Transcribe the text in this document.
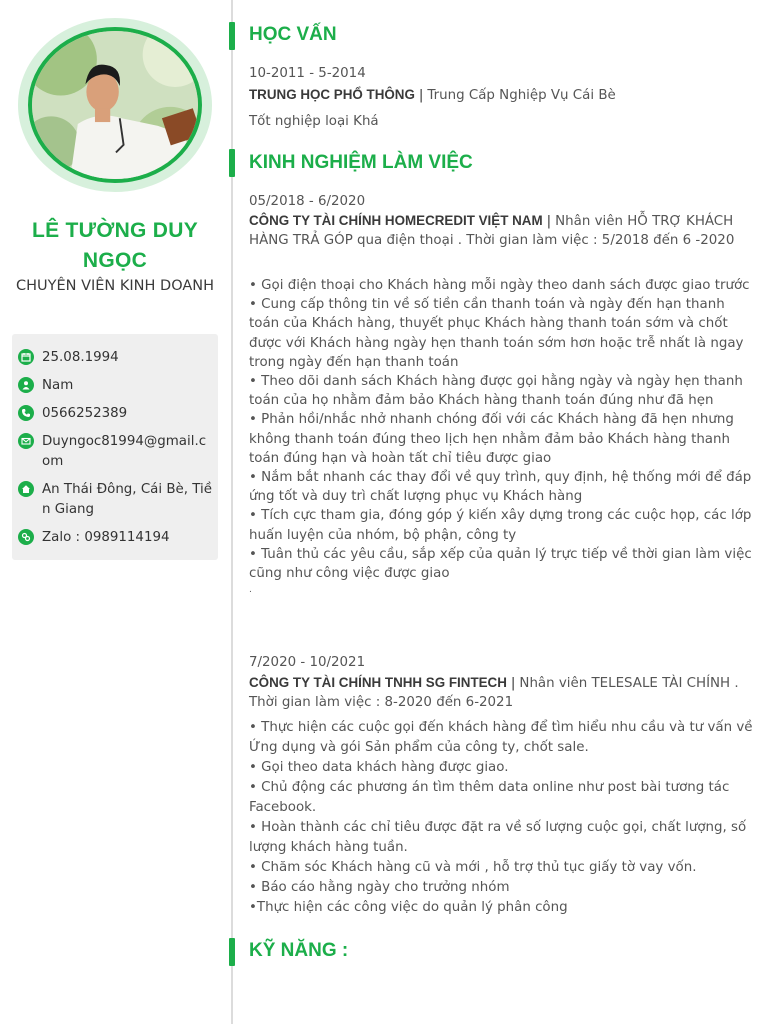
LÊ TƯỜNG DUY NGỌC
CHUYÊN VIÊN KINH DOANH
25.08.1994
Nam
0566252389
Duyngoc81994@gmail.com
An Thái Đông, Cái Bè, Tiền Giang
Zalo : 0989114194
HỌC VẤN
10-2011 - 5-2014
TRUNG HỌC PHỔ THÔNG | Trung Cấp Nghiệp Vụ Cái Bè
Tốt nghiệp loại Khá
KINH NGHIỆM LÀM VIỆC
05/2018 - 6/2020
CÔNG TY TÀI CHÍNH HOMECREDIT VIỆT NAM | Nhân viên HỖ TRỢ KHÁCH HÀNG TRẢ GÓP qua điện thoại . Thời gian làm việc : 5/2018 đến 6 -2020
• Gọi điện thoại cho Khách hàng mỗi ngày theo danh sách được giao trước
• Cung cấp thông tin về số tiền cần thanh toán và ngày đến hạn thanh toán của Khách hàng, thuyết phục Khách hàng thanh toán sớm và chốt được với Khách hàng ngày hẹn thanh toán sớm hơn hoặc trễ nhất là ngay trong ngày đến hạn thanh toán
• Theo dõi danh sách Khách hàng được gọi hằng ngày và ngày hẹn thanh toán của họ nhằm đảm bảo Khách hàng thanh toán đúng như đã hẹn
• Phản hồi/nhắc nhở nhanh chóng đối với các Khách hàng đã hẹn nhưng không thanh toán đúng theo lịch hẹn nhằm đảm bảo Khách hàng thanh toán đúng hạn và hoàn tất chỉ tiêu được giao
• Nắm bắt nhanh các thay đổi về quy trình, quy định, hệ thống mới để đáp ứng tốt và duy trì chất lượng phục vụ Khách hàng
• Tích cực tham gia, đóng góp ý kiến xây dựng trong các cuộc họp, các lớp huấn luyện của nhóm, bộ phận, công ty
• Tuân thủ các yêu cầu, sắp xếp của quản lý trực tiếp về thời gian làm việc cũng như công việc được giao
.
7/2020 - 10/2021
CÔNG TY TÀI CHÍNH TNHH SG FINTECH | Nhân viên TELESALE TÀI CHÍNH . Thời gian làm việc : 8-2020 đến 6-2021
• Thực hiện các cuộc gọi đến khách hàng để tìm hiểu nhu cầu và tư vấn về Ứng dụng và gói Sản phẩm của công ty, chốt sale.
• Gọi theo data khách hàng được giao.
• Chủ động các phương án tìm thêm data online như post bài tương tác Facebook.
• Hoàn thành các chỉ tiêu được đặt ra về số lượng cuộc gọi, chất lượng, số lượng khách hàng tuần.
• Chăm sóc Khách hàng cũ và mới , hỗ trợ thủ tục giấy tờ vay vốn.
• Báo cáo hằng ngày cho trưởng nhóm
•Thực hiện các công việc do quản lý phân công
KỸ NĂNG :
